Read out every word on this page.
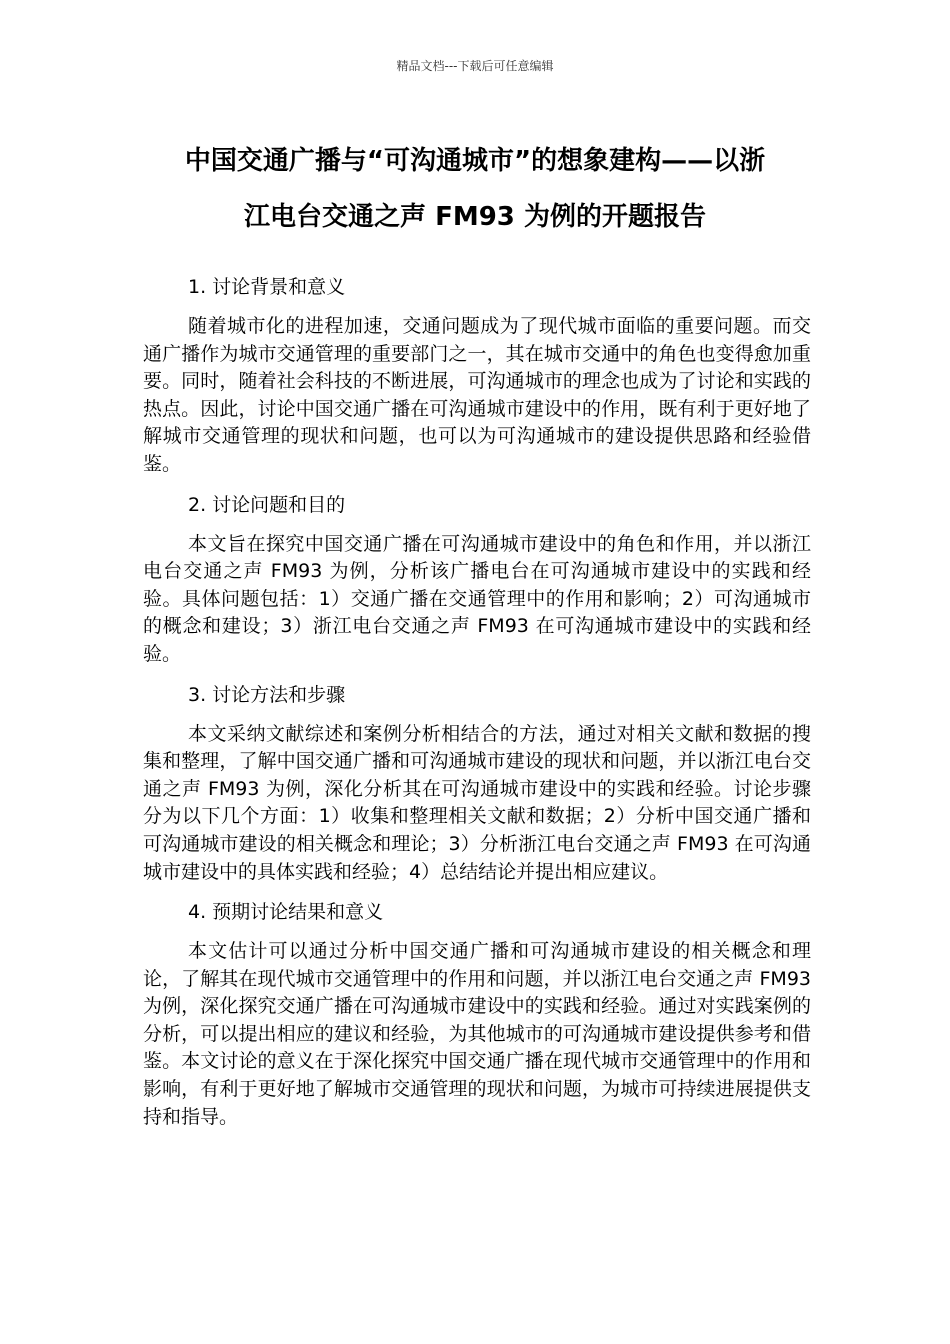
精品文档---下载后可任意编辑
中国交通广播与“可沟通城市”的想象建构——以浙
江电台交通之声 FM93 为例的开题报告

1. 讨论背景和意义

随着城市化的进程加速，交通问题成为了现代城市面临的重要问题。而交通广播作为城市交通管理的重要部门之一，其在城市交通中的角色也变得愈加重要。同时，随着社会科技的不断进展，可沟通城市的理念也成为了讨论和实践的热点。因此，讨论中国交通广播在可沟通城市建设中的作用，既有利于更好地了解城市交通管理的现状和问题，也可以为可沟通城市的建设提供思路和经验借鉴。

2. 讨论问题和目的

本文旨在探究中国交通广播在可沟通城市建设中的角色和作用，并以浙江电台交通之声 FM93 为例，分析该广播电台在可沟通城市建设中的实践和经验。具体问题包括：1）交通广播在交通管理中的作用和影响；2）可沟通城市的概念和建设；3）浙江电台交通之声 FM93 在可沟通城市建设中的实践和经验。

3. 讨论方法和步骤

本文采纳文献综述和案例分析相结合的方法，通过对相关文献和数据的搜集和整理，了解中国交通广播和可沟通城市建设的现状和问题，并以浙江电台交通之声 FM93 为例，深化分析其在可沟通城市建设中的实践和经验。讨论步骤分为以下几个方面：1）收集和整理相关文献和数据；2）分析中国交通广播和可沟通城市建设的相关概念和理论；3）分析浙江电台交通之声 FM93 在可沟通城市建设中的具体实践和经验；4）总结结论并提出相应建议。

4. 预期讨论结果和意义

本文估计可以通过分析中国交通广播和可沟通城市建设的相关概念和理论，了解其在现代城市交通管理中的作用和问题，并以浙江电台交通之声 FM93 为例，深化探究交通广播在可沟通城市建设中的实践和经验。通过对实践案例的分析，可以提出相应的建议和经验，为其他城市的可沟通城市建设提供参考和借鉴。本文讨论的意义在于深化探究中国交通广播在现代城市交通管理中的作用和影响，有利于更好地了解城市交通管理的现状和问题，为城市可持续进展提供支持和指导。
